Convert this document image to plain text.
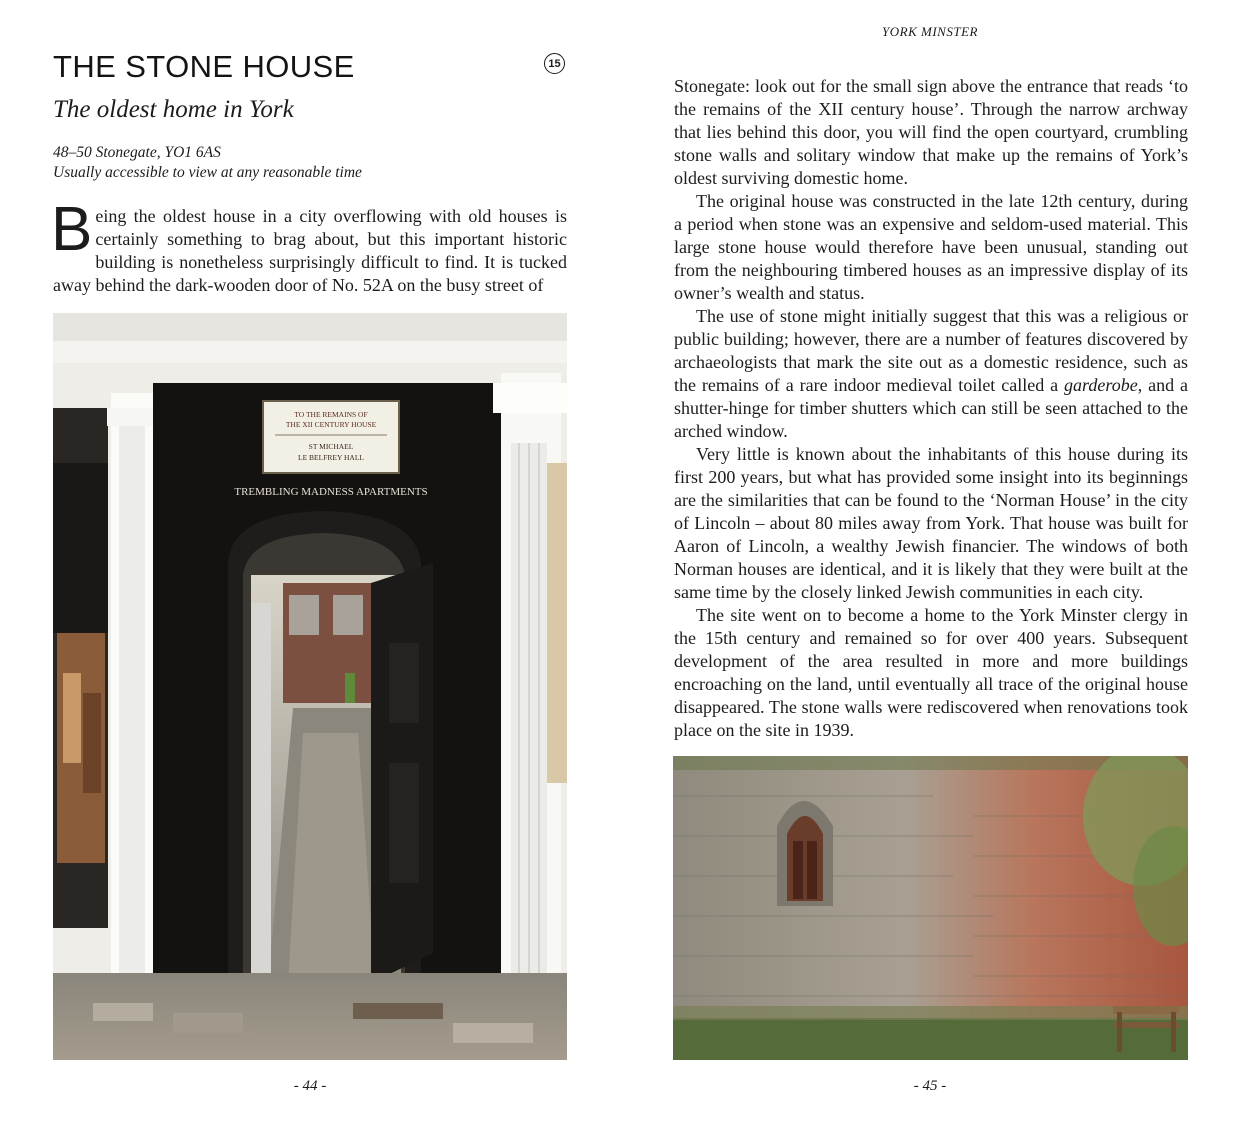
THE STONE HOUSE	15
The oldest home in York
48–50 Stonegate, YO1 6AS
Usually accessible to view at any reasonable time

Being the oldest house in a city overflowing with old houses is certainly something to brag about, but this important historic building is nonetheless surprisingly difficult to find. It is tucked away behind the dark-wooden door of No. 52A on the busy street of

TO THE REMAINS OF
THE XII CENTURY HOUSE
ST MICHAEL
LE BELFREY HALL
TREMBLING MADNESS APARTMENTS
- 44 -
YORK MINSTER

Stonegate: look out for the small sign above the entrance that reads ‘to the remains of the XII century house’. Through the narrow archway that lies behind this door, you will find the open courtyard, crumbling stone walls and solitary window that make up the remains of York’s oldest surviving domestic home.

The original house was constructed in the late 12th century, during a period when stone was an expensive and seldom-used material. This large stone house would therefore have been unusual, standing out from the neighbouring timbered houses as an impressive display of its owner’s wealth and status.

The use of stone might initially suggest that this was a religious or public building; however, there are a number of features discovered by archaeologists that mark the site out as a domestic residence, such as the remains of a rare indoor medieval toilet called a garderobe, and a shutter-hinge for timber shutters which can still be seen attached to the arched window.

Very little is known about the inhabitants of this house during its first 200 years, but what has provided some insight into its beginnings are the similarities that can be found to the ‘Norman House’ in the city of Lincoln – about 80 miles away from York. That house was built for Aaron of Lincoln, a wealthy Jewish financier. The windows of both Norman houses are identical, and it is likely that they were built at the same time by the closely linked Jewish communities in each city.

The site went on to become a home to the York Minster clergy in the 15th century and remained so for over 400 years. Subsequent development of the area resulted in more and more buildings encroaching on the land, until eventually all trace of the original house disappeared. The stone walls were rediscovered when renovations took place on the site in 1939.

- 45 -
